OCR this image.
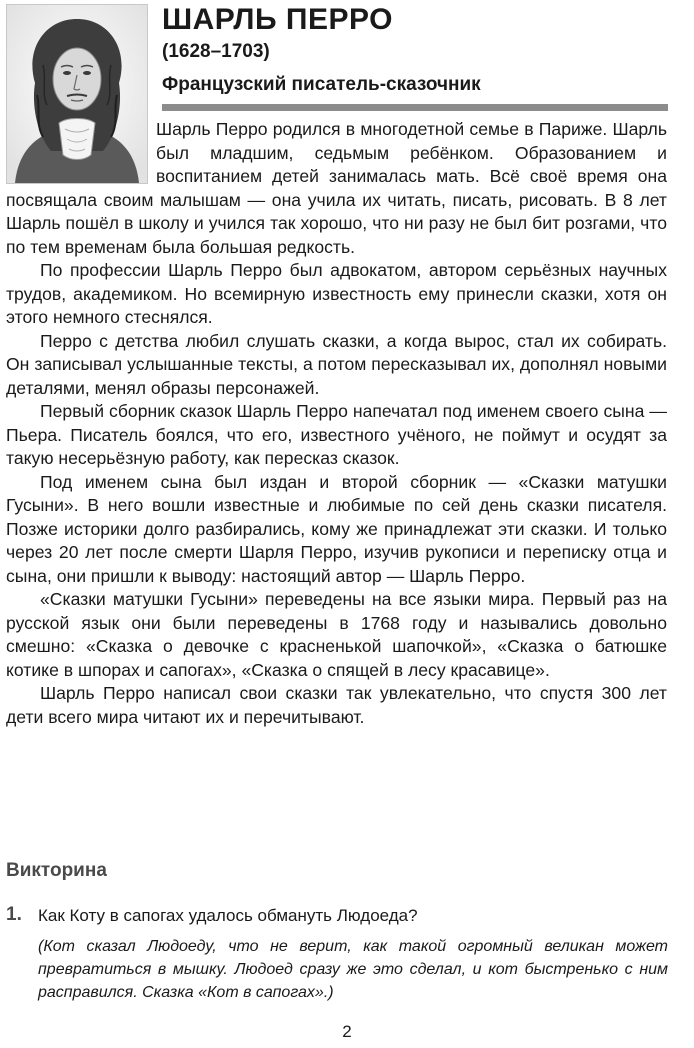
ШАРЛЬ ПЕРРО
(1628–1703)
Французский писатель-сказочник

Шарль Перро родился в многодетной семье в Париже. Шарль был младшим, седьмым ребёнком. Образованием и воспитанием детей занималась мать. Всё своё время она посвящала своим малышам — она учила их читать, писать, рисовать. В 8 лет Шарль пошёл в школу и учился так хорошо, что ни разу не был бит розгами, что по тем временам была большая редкость.

По профессии Шарль Перро был адвокатом, автором серьёзных научных трудов, академиком. Но всемирную известность ему принесли сказки, хотя он этого немного стеснялся.

Перро с детства любил слушать сказки, а когда вырос, стал их собирать. Он записывал услышанные тексты, а потом пересказывал их, дополнял новыми деталями, менял образы персонажей.

Первый сборник сказок Шарль Перро напечатал под именем своего сына — Пьера. Писатель боялся, что его, известного учёного, не поймут и осудят за такую несерьёзную работу, как пересказ сказок.

Под именем сына был издан и второй сборник — «Сказки матушки Гусыни». В него вошли известные и любимые по сей день сказки писателя. Позже историки долго разбирались, кому же принадлежат эти сказки. И только через 20 лет после смерти Шарля Перро, изучив рукописи и переписку отца и сына, они пришли к выводу: настоящий автор — Шарль Перро.

«Сказки матушки Гусыни» переведены на все языки мира. Первый раз на русской язык они были переведены в 1768 году и назывались довольно смешно: «Сказка о девочке с красненькой шапочкой», «Сказка о батюшке котике в шпорах и сапогах», «Сказка о спящей в лесу красавице».

Шарль Перро написал свои сказки так увлекательно, что спустя 300 лет дети всего мира читают их и перечитывают.

Викторина
1. Как Коту в сапогах удалось обмануть Людоеда?
(Кот сказал Людоеду, что не верит, как такой огромный великан может превратиться в мышку. Людоед сразу же это сделал, и кот быстренько с ним расправился. Сказка «Кот в сапогах».)
2
